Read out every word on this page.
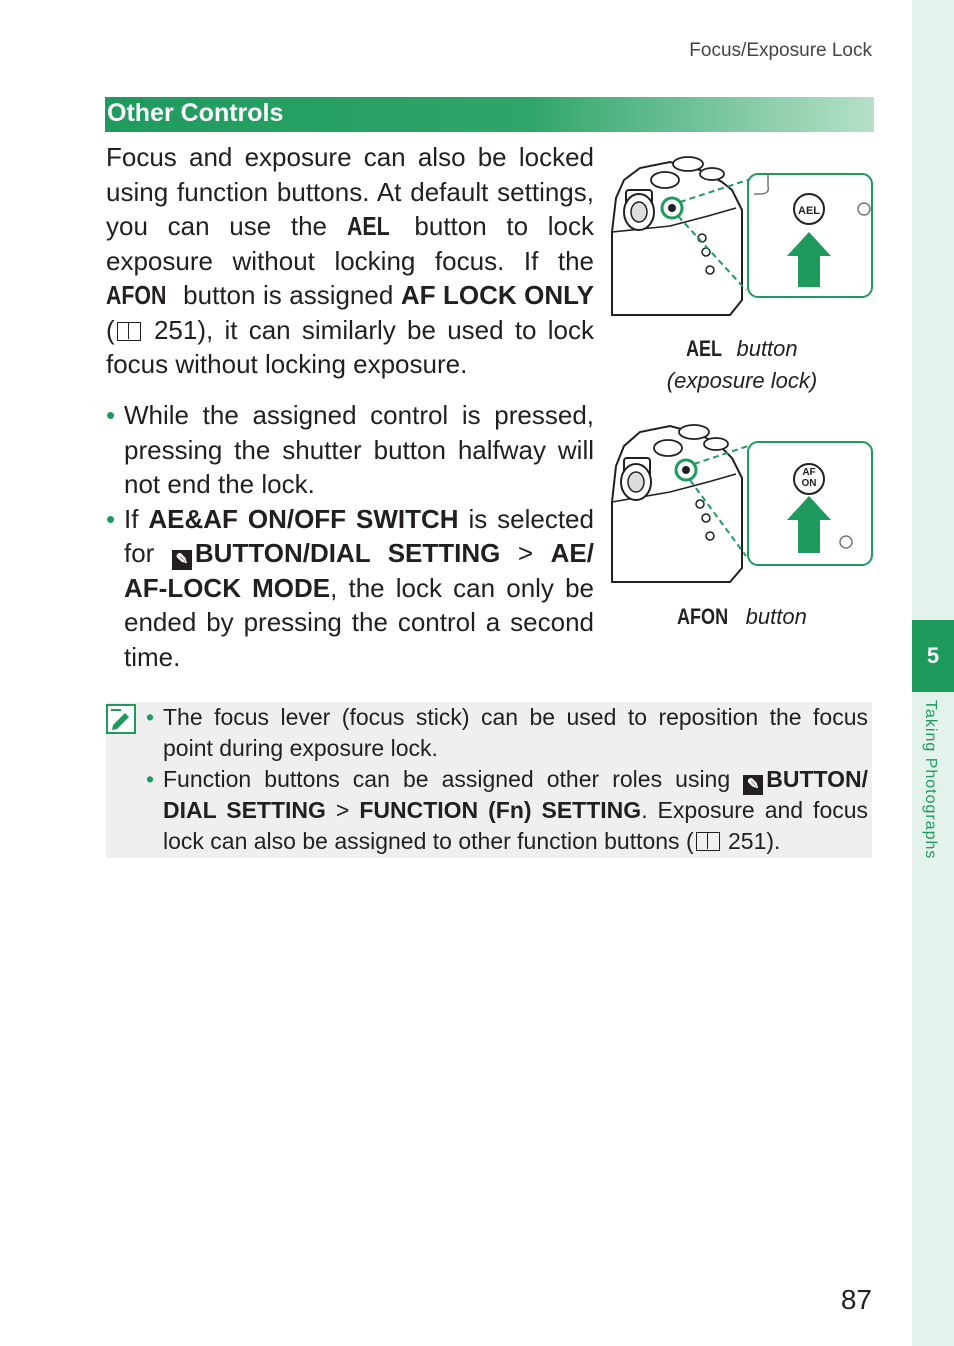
5
Taking Photographs
Focus/Exposure Lock
Other Controls

Focus and exposure can also be locked using function buttons. At default settings, you can use the AEL button to lock exposure without locking focus. If the AFON button is assigned AF LOCK ONLY ( 251), it can similarly be used to lock focus without locking exposure.

• While the assigned control is pressed, pressing the shutter button halfway will not end the lock.
• If AE&AF ON/OFF SWITCH is selected for ✎ BUTTON/DIAL SETTING > AE/ AF-LOCK MODE, the lock can only be ended by pressing the control a second time.
AEL
AEL button
(exposure lock)
AF
ON
AFON button
• The focus lever (focus stick) can be used to reposition the focus point during exposure lock.
• Function buttons can be assigned other roles using ✎ BUTTON/ DIAL SETTING > FUNCTION (Fn) SETTING. Exposure and focus lock can also be assigned to other function buttons ( 251).
87
